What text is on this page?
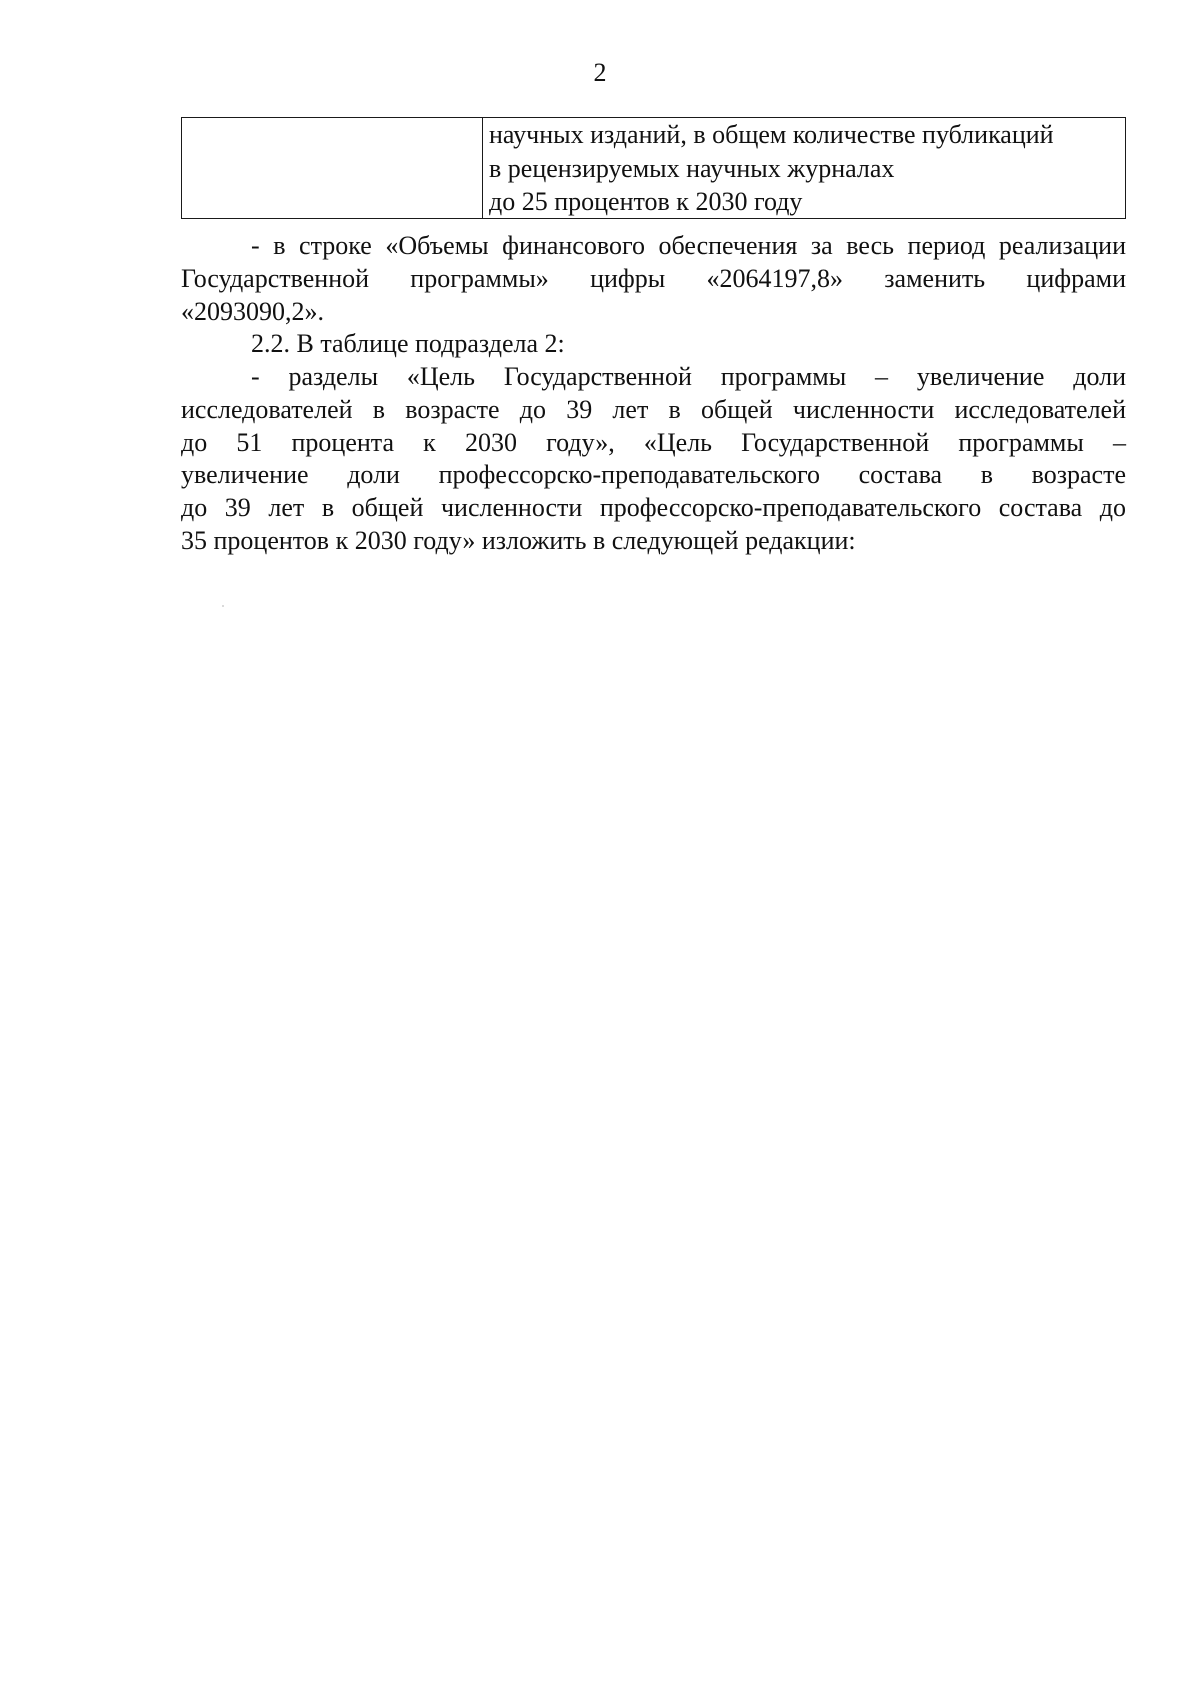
2
научных изданий, в общем количестве публикаций
в рецензируемых научных журналах
до 25 процентов к 2030 году
- в строке «Объемы финансового обеспечения за весь период реализации
Государственной программы» цифры «2064197,8» заменить цифрами
«2093090,2».
2.2. В таблице подраздела 2:
- разделы «Цель Государственной программы – увеличение доли
исследователей в возрасте до 39 лет в общей численности исследователей
до 51 процента к 2030 году», «Цель Государственной программы –
увеличение доли профессорско-преподавательского состава в возрасте
до 39 лет в общей численности профессорско-преподавательского состава до
35 процентов к 2030 году» изложить в следующей редакции:
